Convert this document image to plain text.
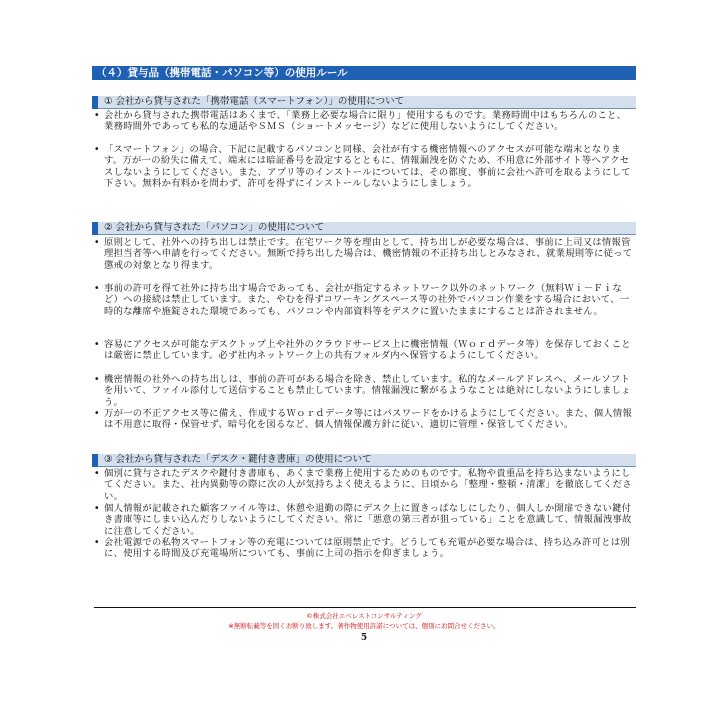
（４）貸与品（携帯電話・パソコン等）の使用ルール
① 会社から貸与された「携帯電話（スマートフォン）」の使用について
• 会社から貸与された携帯電話はあくまで、「業務上必要な場合に限り」使用するものです。業務時間中はもちろんのこと、業務時間外であっても私的な通話やＳＭＳ（ショートメッセージ）などに使用しないようにしてください。
• 「スマートフォン」の場合、下記に記載するパソコンと同様、会社が有する機密情報へのアクセスが可能な端末となります。万が一の紛失に備えて、端末には暗証番号を設定するとともに、情報漏洩を防ぐため、不用意に外部サイト等へアクセスしないようにしてください。また、アプリ等のインストールについては、その都度、事前に会社へ許可を取るようにして下さい。無料か有料かを問わず、許可を得ずにインストールしないようにしましょう。
② 会社から貸与された「パソコン」の使用について
• 原則として、社外への持ち出しは禁止です。在宅ワーク等を理由として、持ち出しが必要な場合は、事前に上司又は情報管理担当者等へ申請を行ってください。無断で持ち出した場合は、機密情報の不正持ち出しとみなされ、就業規則等に従って懲戒の対象となり得ます。
• 事前の許可を得て社外に持ち出す場合であっても、会社が指定するネットワーク以外のネットワーク（無料Ｗｉ－Ｆｉなど）への接続は禁止しています。また、やむを得ずコワーキングスペース等の社外でパソコン作業をする場合において、一時的な離席や施錠された環境であっても、パソコンや内部資料等をデスクに置いたままにすることは許されません。
• 容易にアクセスが可能なデスクトップ上や社外のクラウドサービス上に機密情報（Ｗｏｒｄデータ等）を保存しておくことは厳密に禁止しています。必ず社内ネットワーク上の共有フォルダ内へ保管するようにしてください。
• 機密情報の社外への持ち出しは、事前の許可がある場合を除き、禁止しています。私的なメールアドレスへ、メールソフトを用いて、ファイル添付して送信することも禁止しています。情報漏洩に繋がるようなことは絶対にしないようにしましょう。
• 万が一の不正アクセス等に備え、作成するＷｏｒｄデータ等にはパスワードをかけるようにしてください。また、個人情報は不用意に取得・保管せず、暗号化を図るなど、個人情報保護方針に従い、適切に管理・保管してください。
③ 会社から貸与された「デスク・鍵付き書庫」の使用について
• 個別に貸与されたデスクや鍵付き書庫も、あくまで業務上使用するためのものです。私物や貴重品を持ち込まないようにしてください。また、社内異動等の際に次の人が気持ちよく使えるように、日頃から「整理・整頓・清潔」を徹底してください。
• 個人情報が記載された顧客ファイル等は、休憩や退勤の際にデスク上に置きっぱなしにしたり、個人しか開扉できない鍵付き書庫等にしまい込んだりしないようにしてください。常に「悪意の第三者が狙っている」ことを意識して、情報漏洩事故に注意してください。
• 会社電源での私物スマートフォン等の充電については原則禁止です。どうしても充電が必要な場合は、持ち込み許可とは別に、使用する時間及び充電場所についても、事前に上司の指示を仰ぎましょう。
©株式会社エベレストコンサルティング
※無断転載等を固くお断り致します。著作物使用許諾については、個別にお問合せください。
5
